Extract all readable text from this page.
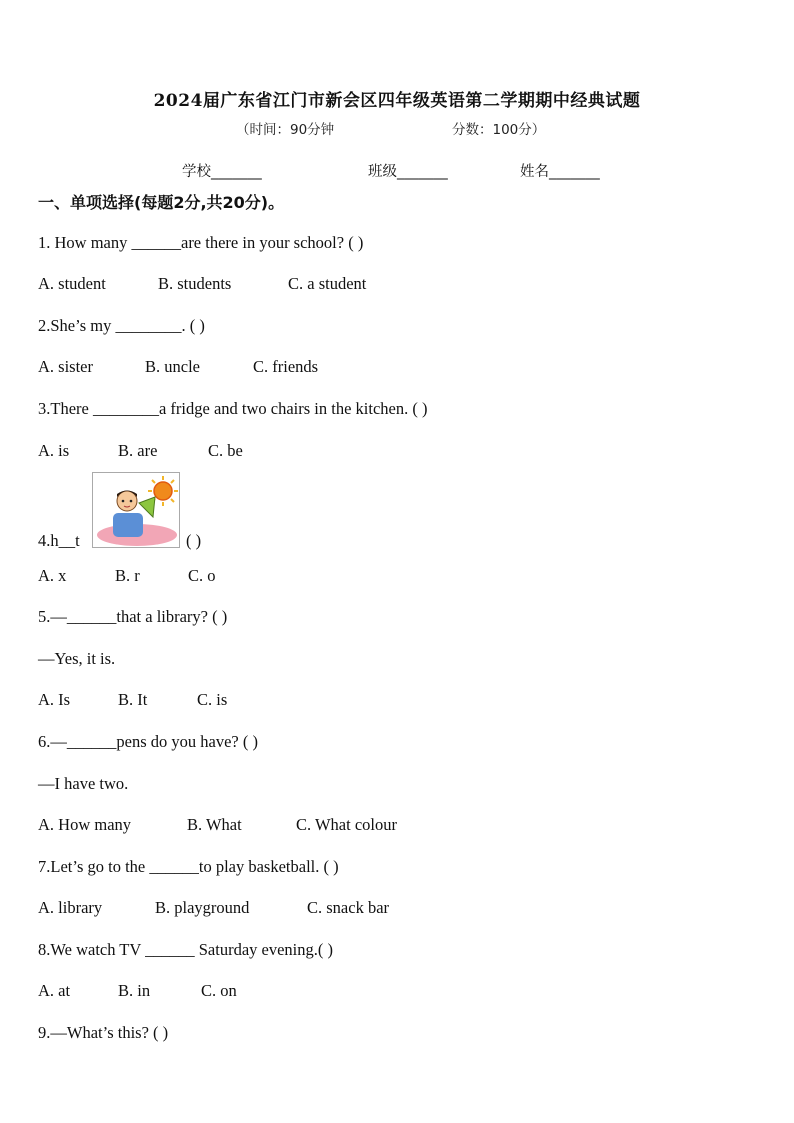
2024届广东省江门市新会区四年级英语第二学期期中经典试题
（时间：90分钟	分数：100分）
学校_______	班级_______	姓名_______
一、单项选择(每题2分,共20分)。
1. How many ______are there in your school? ( )
A. student	B. students	C. a student
2.She’s my ________. ( )
A. sister	B. uncle	C. friends
3.There ________a fridge and two chairs in the kitchen. ( )
A. is	B. are	C. be
4.h__t	( )
A. x	B. r	C. o
5.—______that a library? ( )
—Yes, it is.
A. Is	B. It	C. is
6.—______pens do you have? ( )
—I have two.
A. How many	B. What	C. What colour
7.Let’s go to the ______to play basketball. ( )
A. library	B. playground	C. snack bar
8.We watch TV ______ Saturday evening.( )
A. at	B. in	C. on
9.—What’s this? ( )
